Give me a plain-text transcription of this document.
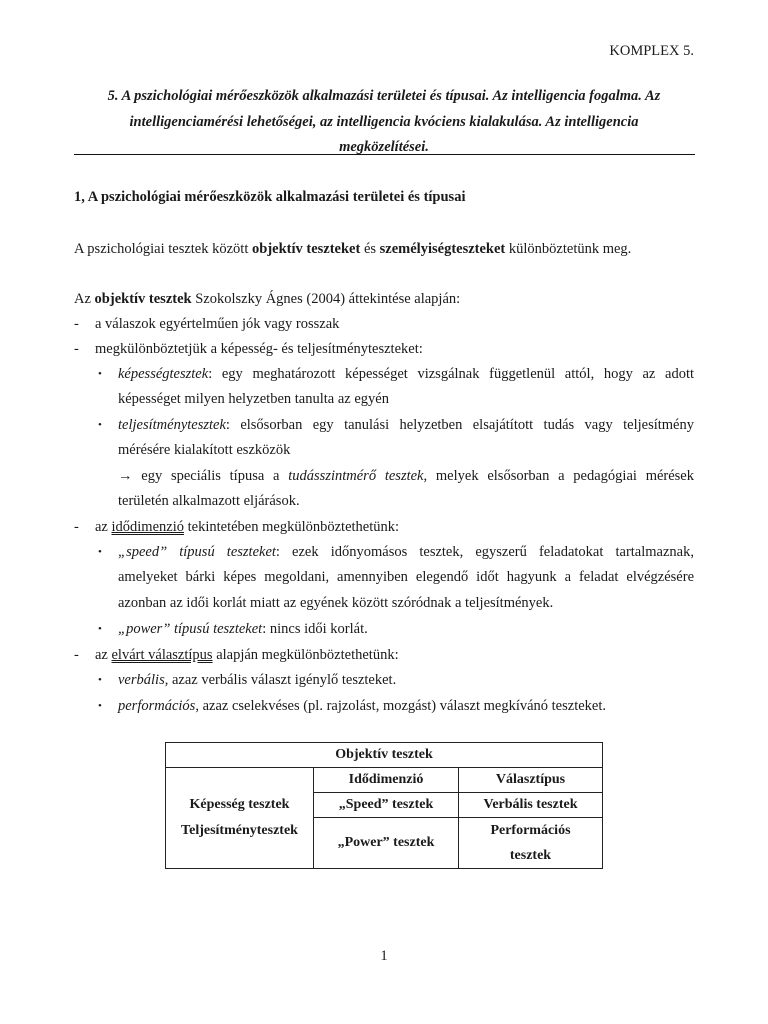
KOMPLEX 5.
5. A pszichológiai mérőeszközök alkalmazási területei és típusai. Az intelligencia fogalma. Az
intelligenciamérési lehetőségei, az intelligencia kvóciens kialakulása. Az intelligencia
megközelítései.
1, A pszichológiai mérőeszközök alkalmazási területei és típusai
A pszichológiai tesztek között objektív teszteket és személyiségteszteket különböztetünk meg.
Az objektív tesztek Szokolszky Ágnes (2004) áttekintése alapján:
- a válaszok egyértelműen jók vagy rosszak
- megkülönböztetjük a képesség- és teljesítményteszteket:
• képességtesztek: egy meghatározott képességet vizsgálnak függetlenül attól, hogy az adott
képességet milyen helyzetben tanulta az egyén
• teljesítménytesztek: elsősorban egy tanulási helyzetben elsajátított tudás vagy teljesítmény
mérésére kialakított eszközök
→ egy speciális típusa a tudásszintmérő tesztek, melyek elsősorban a pedagógiai mérések
területén alkalmazott eljárások.
- az idődimenzió tekintetében megkülönböztethetünk:
• „speed” típusú teszteket: ezek időnyomásos tesztek, egyszerű feladatokat tartalmaznak,
amelyeket bárki képes megoldani, amennyiben elegendő időt hagyunk a feladat elvégzésére
azonban az idői korlát miatt az egyének között szóródnak a teljesítmények.
• „power” típusú teszteket: nincs idői korlát.
- az elvárt választípus alapján megkülönböztethetünk:
• verbális, azaz verbális választ igénylő teszteket.
• performációs, azaz cselekvéses (pl. rajzolást, mozgást) választ megkívánó teszteket.
Objektív tesztek		

Képesség tesztek
Teljesítménytesztek	Idődimenzió	Választípus
	„Speed” tesztek	Verbális tesztek
	„Power” tesztek	Performációs
tesztek
1
